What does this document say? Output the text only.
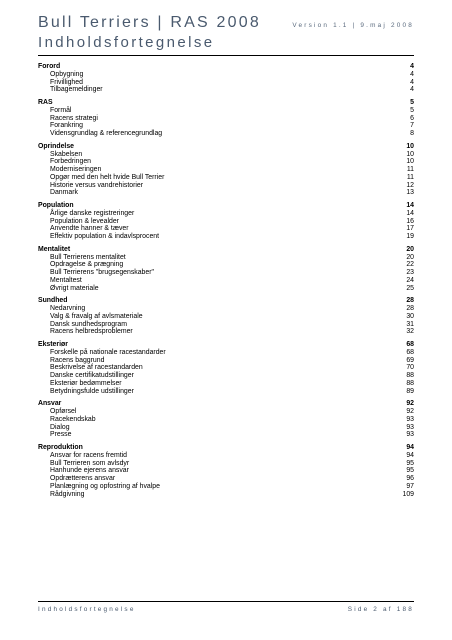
Bull Terriers | RAS 2008	Version 1.1 | 9.maj 2008
Indholdsfortegnelse
Forord	4
Opbygning	4
Frivillighed	4
Tilbagemeldinger	4
RAS	5
Formål	5
Racens strategi	6
Forankring	7
Vidensgrundlag & referencegrundlag	8
Oprindelse	10
Skabelsen	10
Forbedringen	10
Moderniseringen	11
Opgør med den helt hvide Bull Terrier	11
Historie versus vandrehistorier	12
Danmark	13
Population	14
Årlige danske registreringer	14
Population & levealder	16
Anvendte hanner & tæver	17
Effektiv population & indavlsprocent	19
Mentalitet	20
Bull Terrierens mentalitet	20
Opdragelse & prægning	22
Bull Terrierens "brugsegenskaber"	23
Mentaltest	24
Øvrigt materiale	25
Sundhed	28
Nedarvning	28
Valg & fravalg af avlsmateriale	30
Dansk sundhedsprogram	31
Racens helbredsproblemer	32
Eksteriør	68
Forskelle på nationale racestandarder	68
Racens baggrund	69
Beskrivelse af racestandarden	70
Danske certifikatudstillinger	88
Eksteriør bedømmelser	88
Betydningsfulde udstillinger	89
Ansvar	92
Opførsel	92
Racekendskab	93
Dialog	93
Presse	93
Reproduktion	94
Ansvar for racens fremtid	94
Bull Terrieren som avlsdyr	95
Hanhunde ejerens ansvar	95
Opdrætterens ansvar	96
Planlægning og opfostring af hvalpe	97
Rådgivning	109
Indholdsfortegnelse	Side 2 af 188
